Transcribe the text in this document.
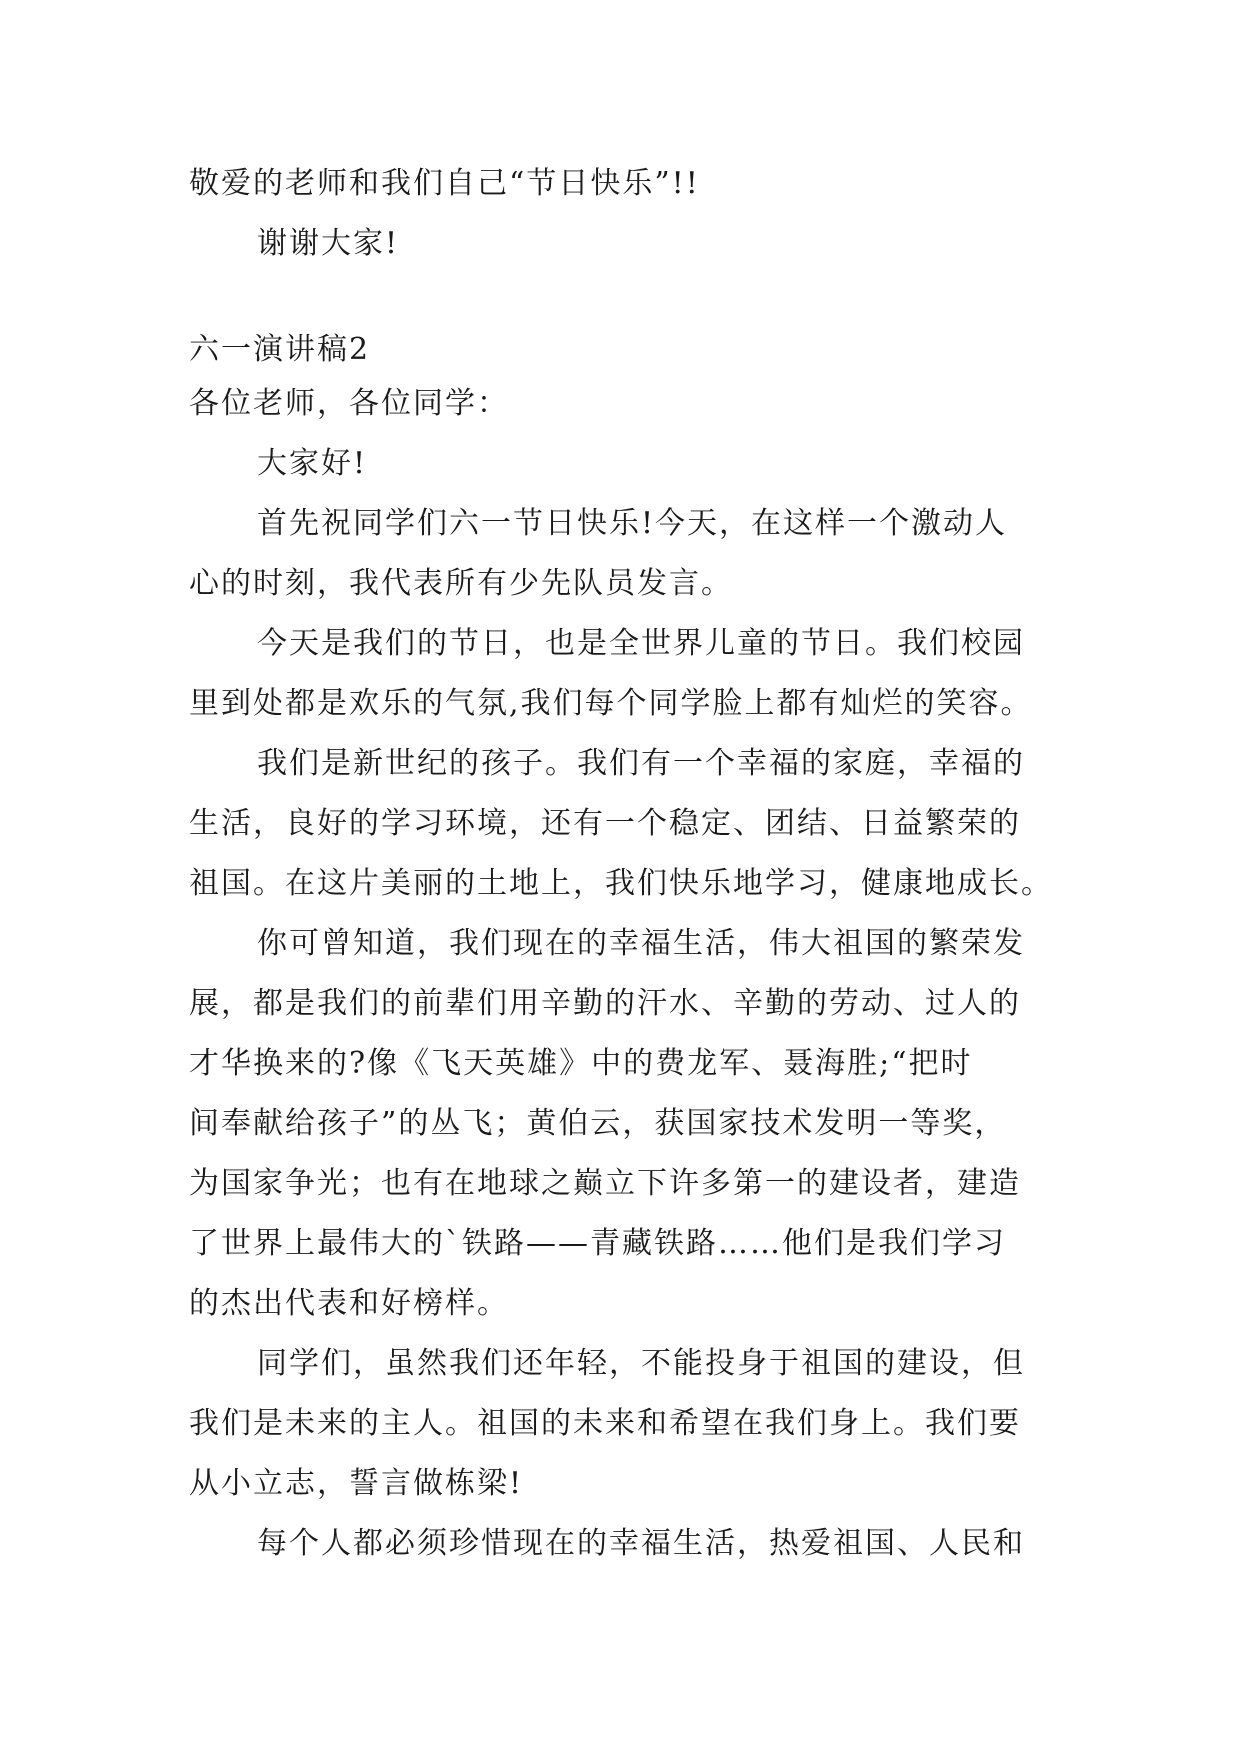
敬爱的老师和我们自己“节日快乐”!!
谢谢大家!
六一演讲稿2
各位老师，各位同学：
大家好!
首先祝同学们六一节日快乐!今天，在这样一个激动人
心的时刻，我代表所有少先队员发言。
今天是我们的节日，也是全世界儿童的节日。我们校园
里到处都是欢乐的气氛,我们每个同学脸上都有灿烂的笑容。
我们是新世纪的孩子。我们有一个幸福的家庭，幸福的
生活，良好的学习环境，还有一个稳定、团结、日益繁荣的
祖国。在这片美丽的土地上，我们快乐地学习，健康地成长。
你可曾知道，我们现在的幸福生活，伟大祖国的繁荣发
展，都是我们的前辈们用辛勤的汗水、辛勤的劳动、过人的
才华换来的?像《飞天英雄》中的费龙军、聂海胜;“把时
间奉献给孩子”的丛飞；黄伯云，获国家技术发明一等奖，
为国家争光；也有在地球之巅立下许多第一的建设者，建造
了世界上最伟大的`铁路——青藏铁路……他们是我们学习
的杰出代表和好榜样。
同学们，虽然我们还年轻，不能投身于祖国的建设，但
我们是未来的主人。祖国的未来和希望在我们身上。我们要
从小立志，誓言做栋梁!
每个人都必须珍惜现在的幸福生活，热爱祖国、人民和
